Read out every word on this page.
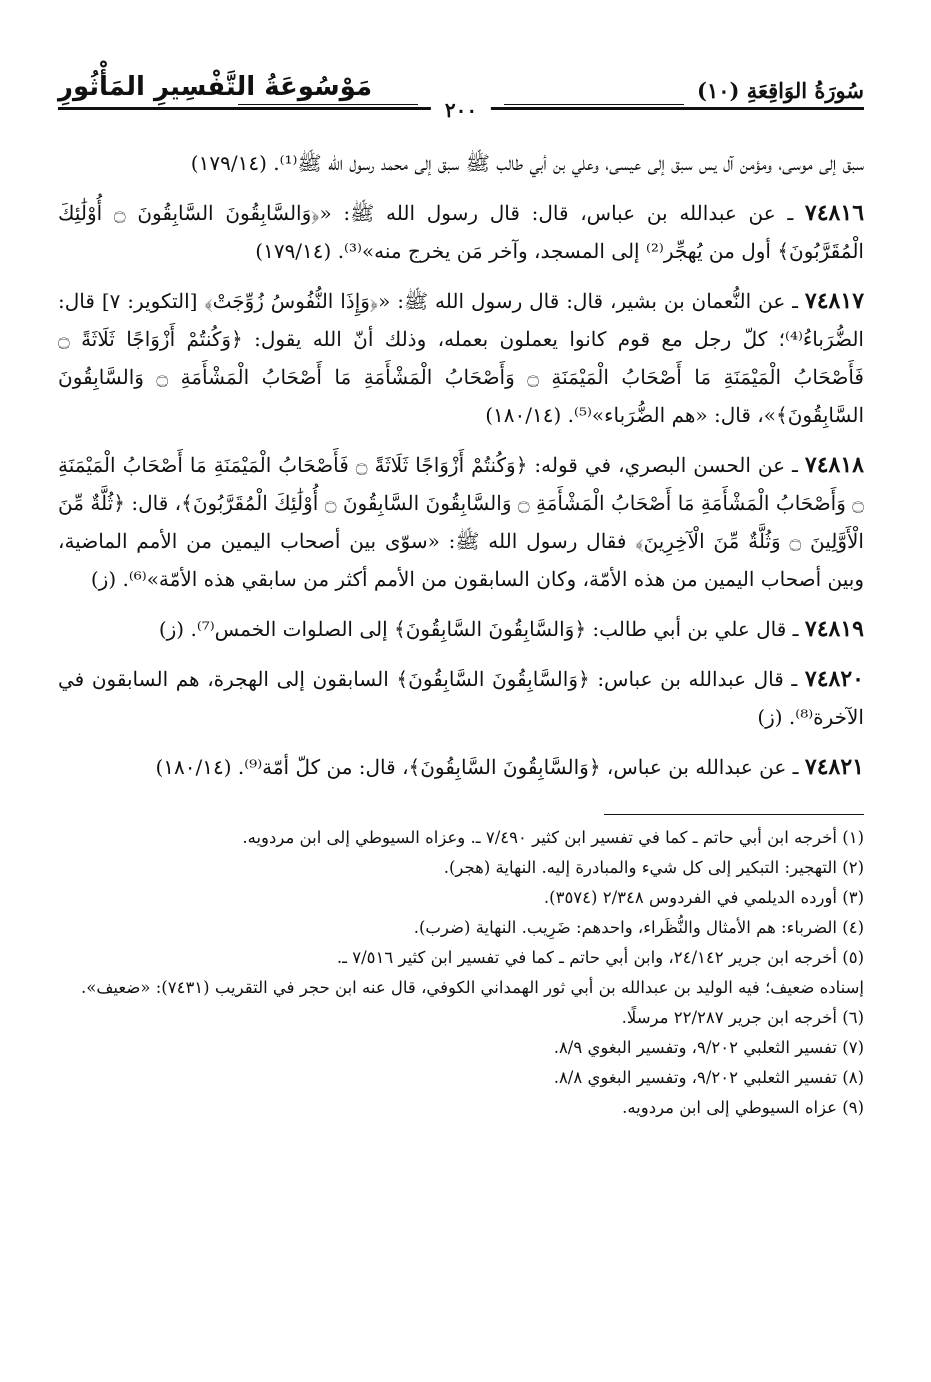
سُورَةُ الوَاقِعَةِ (١٠)
مَوْسُوعَةُ التَّفْسِيرِ المَأْثُورِ
٢٠٠

سبق إلى موسى، ومؤمن آل يس سبق إلى عيسى، وعلي بن أبي طالب ﷺ سبق إلى محمد رسول الله ﷺ⁽¹⁾. (١٧٩/١٤)

٧٤٨١٦ ـ عن عبدالله بن عباس، قال: قال رسول الله ﷺ: «﴿وَالسَّابِقُونَ السَّابِقُونَ ۝ أُوْلَٰئِكَ الْمُقَرَّبُونَ﴾ أول من يُهجِّر⁽²⁾ إلى المسجد، وآخر مَن يخرج منه»⁽³⁾. (١٧٩/١٤)

٧٤٨١٧ ـ عن النُّعمان بن بشير، قال: قال رسول الله ﷺ: «﴿وَإِذَا النُّفُوسُ زُوِّجَتْ﴾ [التكوير: ٧] قال: الضُّرَباءُ⁽⁴⁾؛ كلّ رجل مع قوم كانوا يعملون بعمله، وذلك أنّ الله يقول: ﴿وَكُنتُمْ أَزْوَاجًا ثَلَاثَةً ۝ فَأَصْحَابُ الْمَيْمَنَةِ مَا أَصْحَابُ الْمَيْمَنَةِ ۝ وَأَصْحَابُ الْمَشْأَمَةِ مَا أَصْحَابُ الْمَشْأَمَةِ ۝ وَالسَّابِقُونَ السَّابِقُونَ﴾»، قال: «هم الضُّرَباء»⁽⁵⁾. (١٨٠/١٤)

٧٤٨١٨ ـ عن الحسن البصري، في قوله: ﴿وَكُنتُمْ أَزْوَاجًا ثَلَاثَةً ۝ فَأَصْحَابُ الْمَيْمَنَةِ مَا أَصْحَابُ الْمَيْمَنَةِ ۝ وَأَصْحَابُ الْمَشْأَمَةِ مَا أَصْحَابُ الْمَشْأَمَةِ ۝ وَالسَّابِقُونَ السَّابِقُونَ ۝ أُوْلَٰئِكَ الْمُقَرَّبُونَ﴾، قال: ﴿ثُلَّةٌ مِّنَ الْأَوَّلِينَ ۝ وَثُلَّةٌ مِّنَ الْآخِرِينَ﴾ فقال رسول الله ﷺ: «سوّى بين أصحاب اليمين من الأمم الماضية، وبين أصحاب اليمين من هذه الأمّة، وكان السابقون من الأمم أكثر من سابقي هذه الأمّة»⁽⁶⁾. (ز)

٧٤٨١٩ ـ قال علي بن أبي طالب: ﴿وَالسَّابِقُونَ السَّابِقُونَ﴾ إلى الصلوات الخمس⁽⁷⁾. (ز)

٧٤٨٢٠ ـ قال عبدالله بن عباس: ﴿وَالسَّابِقُونَ السَّابِقُونَ﴾ السابقون إلى الهجرة، هم السابقون في الآخرة⁽⁸⁾. (ز)

٧٤٨٢١ ـ عن عبدالله بن عباس، ﴿وَالسَّابِقُونَ السَّابِقُونَ﴾، قال: من كلّ أمّة⁽⁹⁾. (١٨٠/١٤)

(١) أخرجه ابن أبي حاتم ـ كما في تفسير ابن كثير ٧/٤٩٠ ـ. وعزاه السيوطي إلى ابن مردويه.
(٢) التهجير: التبكير إلى كل شيء والمبادرة إليه. النهاية (هجر).
(٣) أورده الديلمي في الفردوس ٢/٣٤٨ (٣٥٧٤).
(٤) الضرباء: هم الأمثال والنُّظَراء، واحدهم: ضَرِيب. النهاية (ضرب).
(٥) أخرجه ابن جرير ٢٤/١٤٢، وابن أبي حاتم ـ كما في تفسير ابن كثير ٧/٥١٦ ـ.
إسناده ضعيف؛ فيه الوليد بن عبدالله بن أبي ثور الهمداني الكوفي، قال عنه ابن حجر في التقريب (٧٤٣١): «ضعيف».
(٦) أخرجه ابن جرير ٢٢/٢٨٧ مرسلًا.
(٧) تفسير الثعلبي ٩/٢٠٢، وتفسير البغوي ٨/٩.
(٨) تفسير الثعلبي ٩/٢٠٢، وتفسير البغوي ٨/٨.
(٩) عزاه السيوطي إلى ابن مردويه.
